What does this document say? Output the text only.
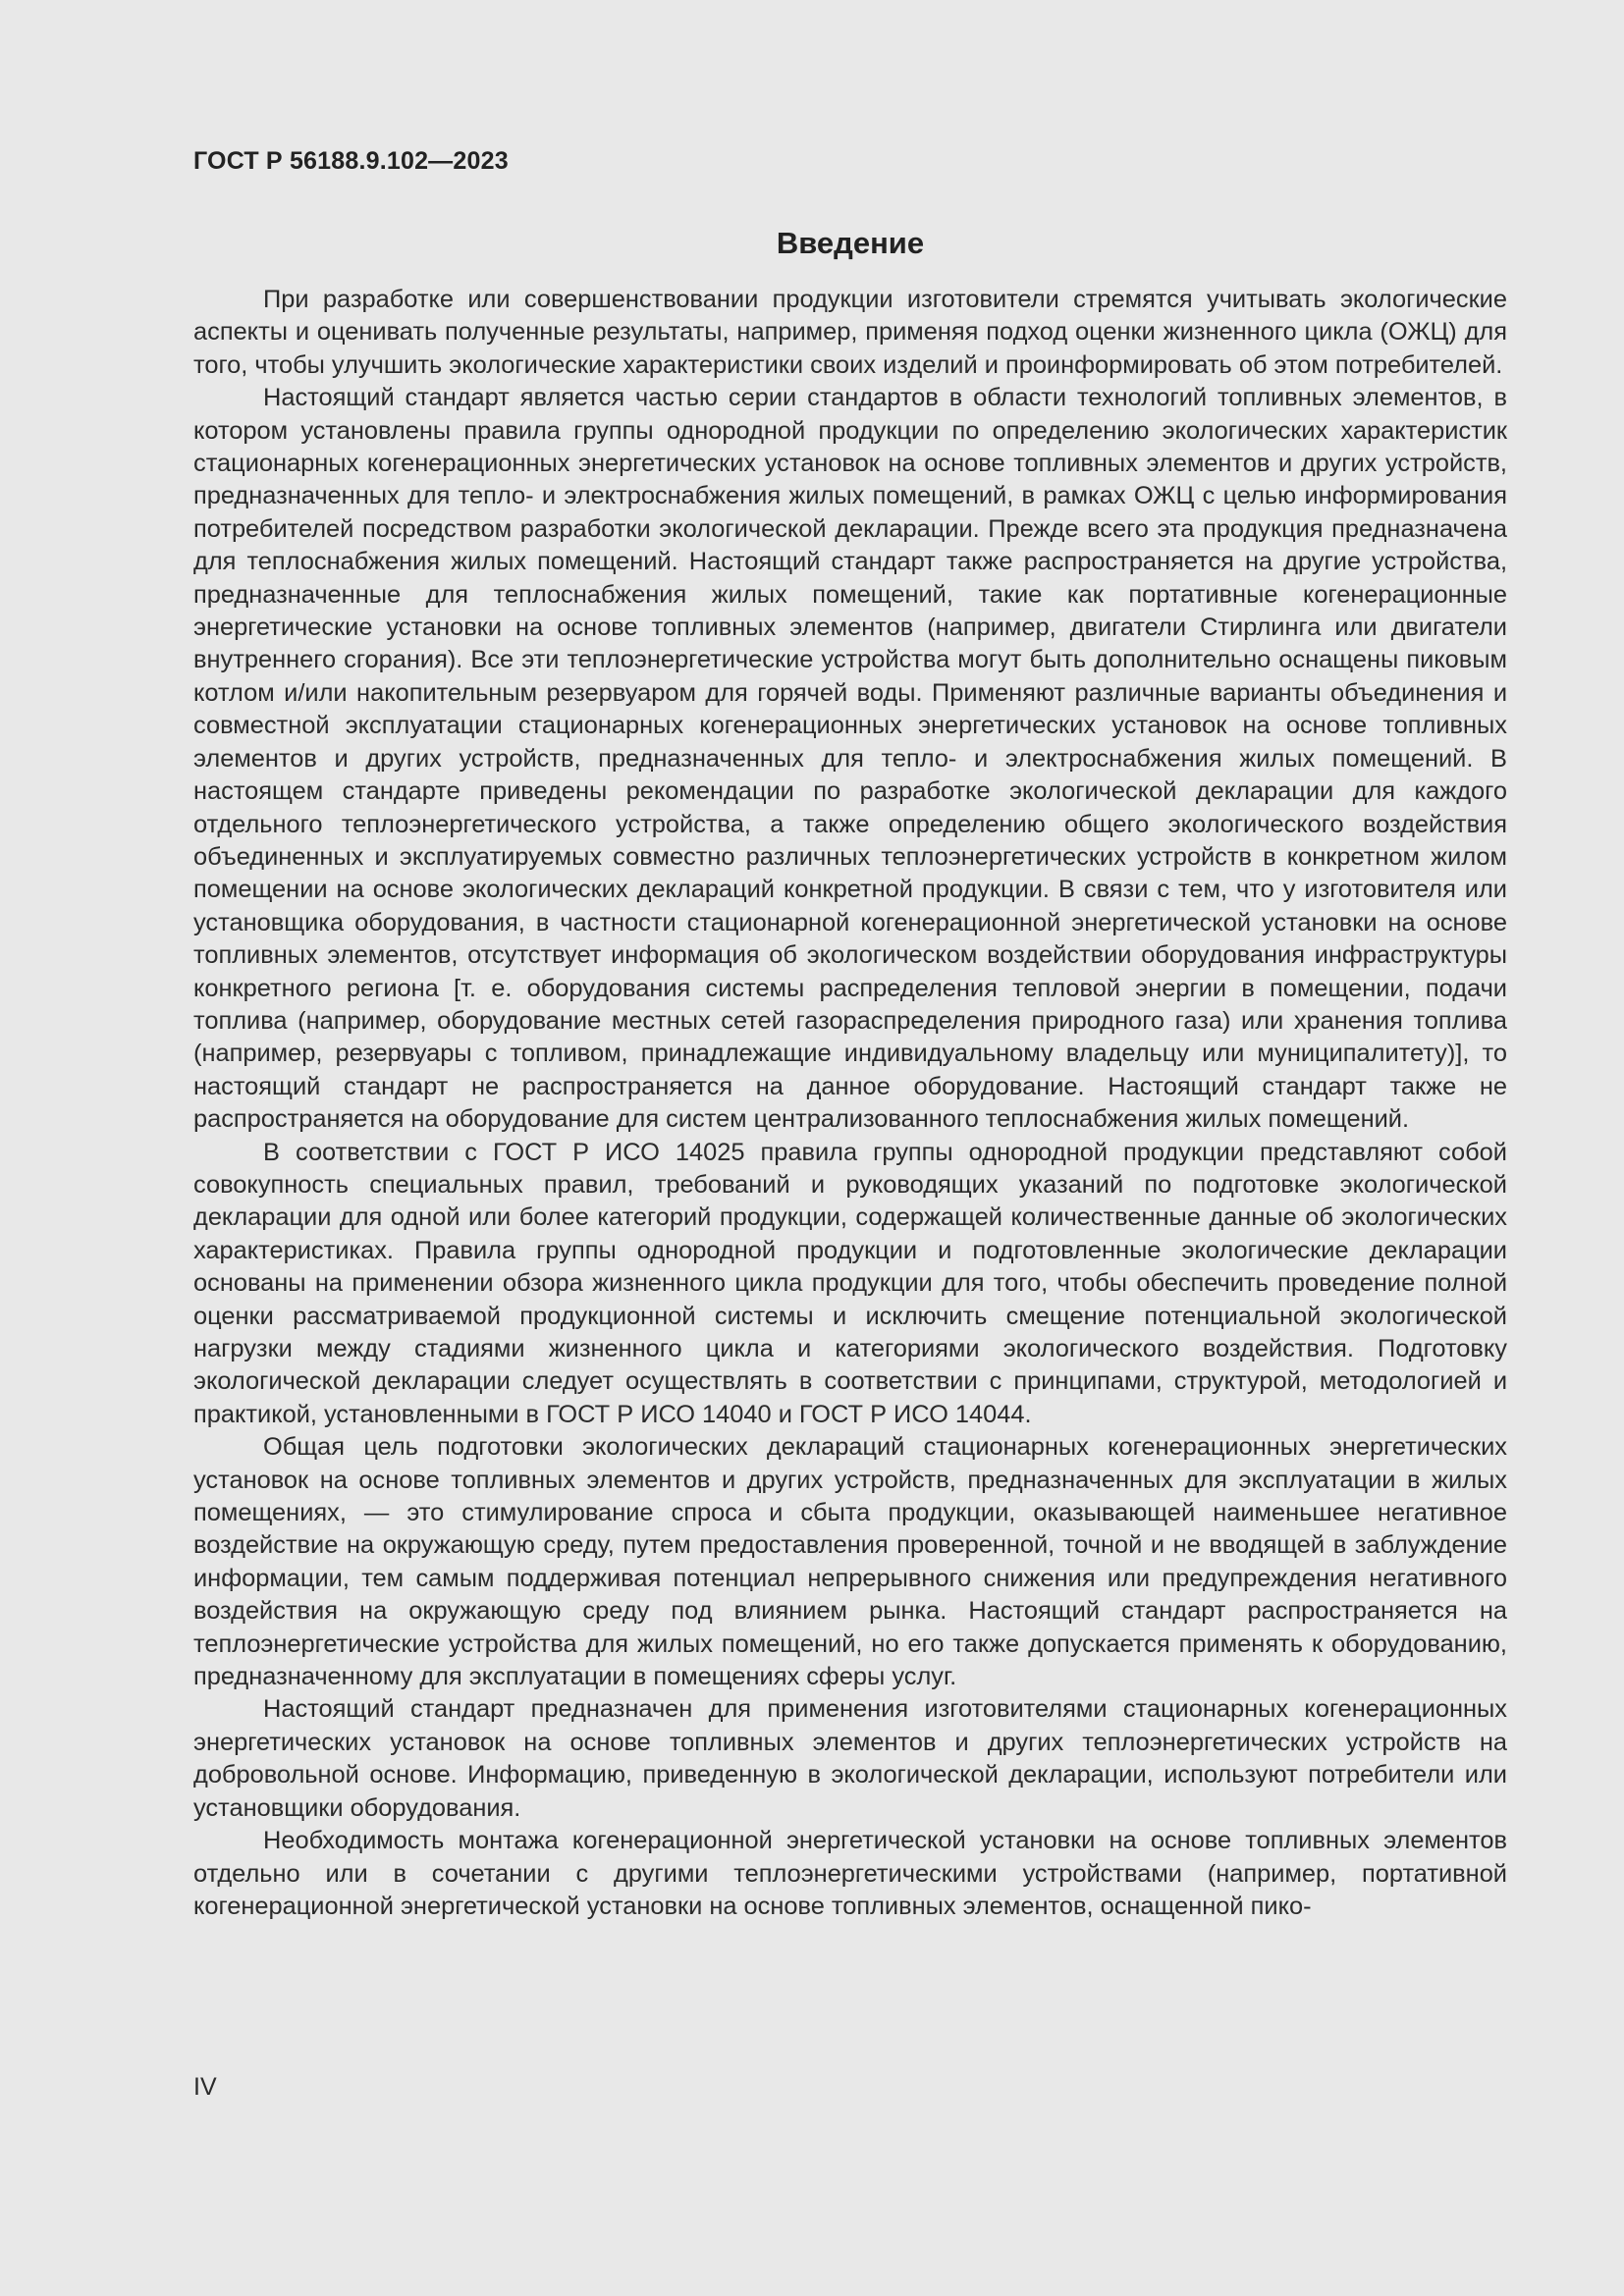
ГОСТ Р 56188.9.102—2023
Введение

При разработке или совершенствовании продукции изготовители стремятся учитывать экологические аспекты и оценивать полученные результаты, например, применяя подход оценки жизненного цикла (ОЖЦ) для того, чтобы улучшить экологические характеристики своих изделий и проинформировать об этом потребителей.

Настоящий стандарт является частью серии стандартов в области технологий топливных элементов, в котором установлены правила группы однородной продукции по определению экологических характеристик стационарных когенерационных энергетических установок на основе топливных элементов и других устройств, предназначенных для тепло- и электроснабжения жилых помещений, в рамках ОЖЦ с целью информирования потребителей посредством разработки экологической декларации. Прежде всего эта продукция предназначена для теплоснабжения жилых помещений. Настоящий стандарт также распространяется на другие устройства, предназначенные для теплоснабжения жилых помещений, такие как портативные когенерационные энергетические установки на основе топливных элементов (например, двигатели Стирлинга или двигатели внутреннего сгорания). Все эти теплоэнергетические устройства могут быть дополнительно оснащены пиковым котлом и/или накопительным резервуаром для горячей воды. Применяют различные варианты объединения и совместной эксплуатации стационарных когенерационных энергетических установок на основе топливных элементов и других устройств, предназначенных для тепло- и электроснабжения жилых помещений. В настоящем стандарте приведены рекомендации по разработке экологической декларации для каждого отдельного теплоэнергетического устройства, а также определению общего экологического воздействия объединенных и эксплуатируемых совместно различных теплоэнергетических устройств в конкретном жилом помещении на основе экологических деклараций конкретной продукции. В связи с тем, что у изготовителя или установщика оборудования, в частности стационарной когенерационной энергетической установки на основе топливных элементов, отсутствует информация об экологическом воздействии оборудования инфраструктуры конкретного региона [т. е. оборудования системы распределения тепловой энергии в помещении, подачи топлива (например, оборудование местных сетей газораспределения природного газа) или хранения топлива (например, резервуары с топливом, принадлежащие индивидуальному владельцу или муниципалитету)], то настоящий стандарт не распространяется на данное оборудование. Настоящий стандарт также не распространяется на оборудование для систем централизованного теплоснабжения жилых помещений.

В соответствии с ГОСТ Р ИСО 14025 правила группы однородной продукции представляют собой совокупность специальных правил, требований и руководящих указаний по подготовке экологической декларации для одной или более категорий продукции, содержащей количественные данные об экологических характеристиках. Правила группы однородной продукции и подготовленные экологические декларации основаны на применении обзора жизненного цикла продукции для того, чтобы обеспечить проведение полной оценки рассматриваемой продукционной системы и исключить смещение потенциальной экологической нагрузки между стадиями жизненного цикла и категориями экологического воздействия. Подготовку экологической декларации следует осуществлять в соответствии с принципами, структурой, методологией и практикой, установленными в ГОСТ Р ИСО 14040 и ГОСТ Р ИСО 14044.

Общая цель подготовки экологических деклараций стационарных когенерационных энергетических установок на основе топливных элементов и других устройств, предназначенных для эксплуатации в жилых помещениях, — это стимулирование спроса и сбыта продукции, оказывающей наименьшее негативное воздействие на окружающую среду, путем предоставления проверенной, точной и не вводящей в заблуждение информации, тем самым поддерживая потенциал непрерывного снижения или предупреждения негативного воздействия на окружающую среду под влиянием рынка. Настоящий стандарт распространяется на теплоэнергетические устройства для жилых помещений, но его также допускается применять к оборудованию, предназначенному для эксплуатации в помещениях сферы услуг.

Настоящий стандарт предназначен для применения изготовителями стационарных когенерационных энергетических установок на основе топливных элементов и других теплоэнергетических устройств на добровольной основе. Информацию, приведенную в экологической декларации, используют потребители или установщики оборудования.

Необходимость монтажа когенерационной энергетической установки на основе топливных элементов отдельно или в сочетании с другими теплоэнергетическими устройствами (например, портативной когенерационной энергетической установки на основе топливных элементов, оснащенной пико-

IV
